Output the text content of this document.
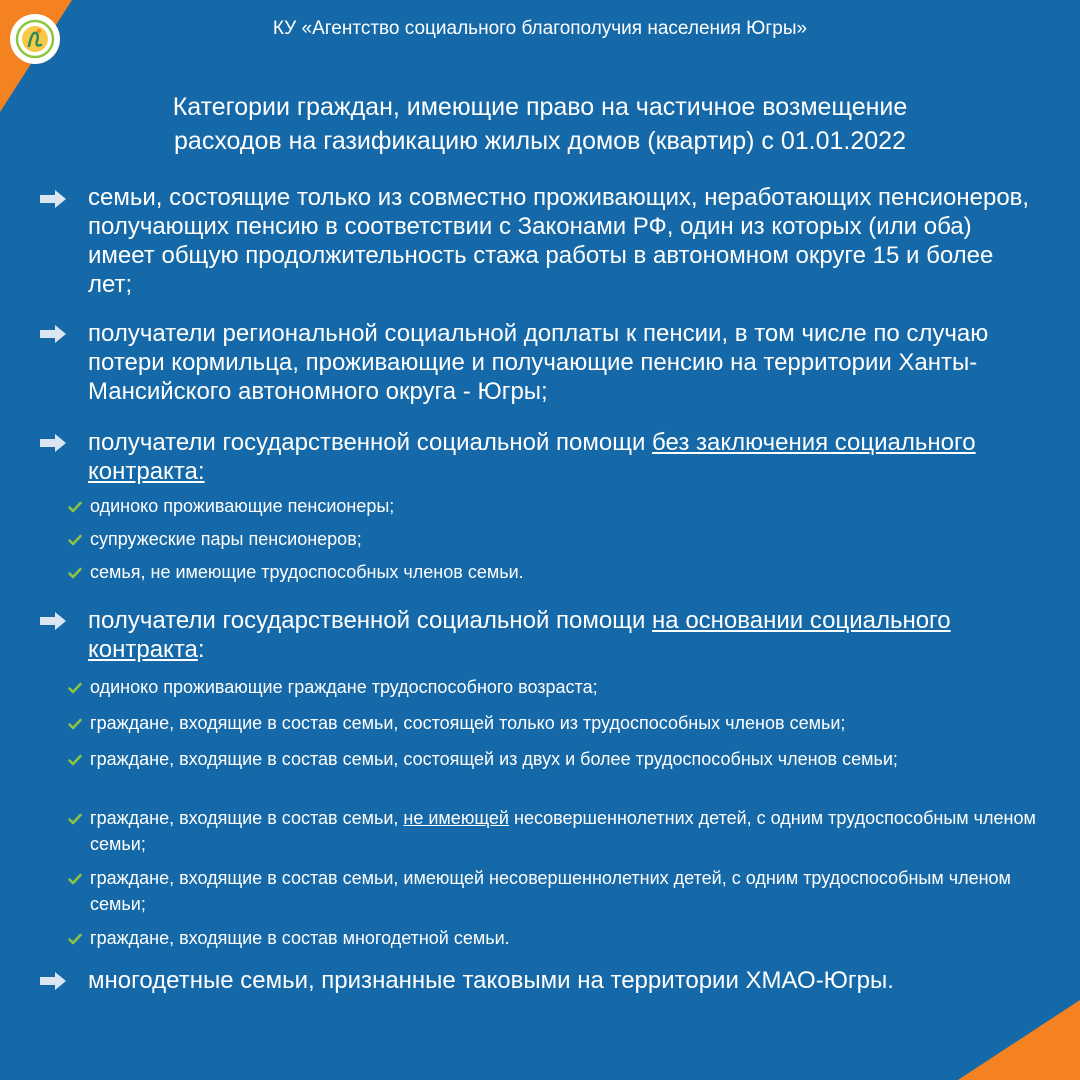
КУ «Агентство социального благополучия населения Югры»
Категории граждан, имеющие право на частичное возмещение
расходов на газификацию жилых домов (квартир) с 01.01.2022
семьи, состоящие только из совместно проживающих, неработающих пенсионеров, получающих пенсию в соответствии с Законами РФ, один из которых (или оба) имеет общую продолжительность стажа работы в автономном округе 15 и более лет;
получатели региональной социальной доплаты к пенсии, в том числе по случаю потери кормильца, проживающие и получающие пенсию на территории Ханты-Мансийского автономного округа - Югры;
получатели государственной социальной помощи без заключения социального контракта:
одиноко проживающие пенсионеры;
супружеские пары пенсионеров;
семья, не имеющие трудоспособных членов семьи.
получатели государственной социальной помощи на основании социального контракта:
одиноко проживающие граждане трудоспособного возраста;
граждане, входящие в состав семьи, состоящей только из трудоспособных членов семьи;
граждане, входящие в состав семьи, состоящей из двух и более трудоспособных членов семьи;
граждане, входящие в состав семьи, не имеющей несовершеннолетних детей, с одним трудоспособным членом семьи;
граждане, входящие в состав семьи, имеющей несовершеннолетних детей, с одним трудоспособным членом семьи;
граждане, входящие в состав многодетной семьи.
многодетные семьи, признанные таковыми на территории ХМАО-Югры.
